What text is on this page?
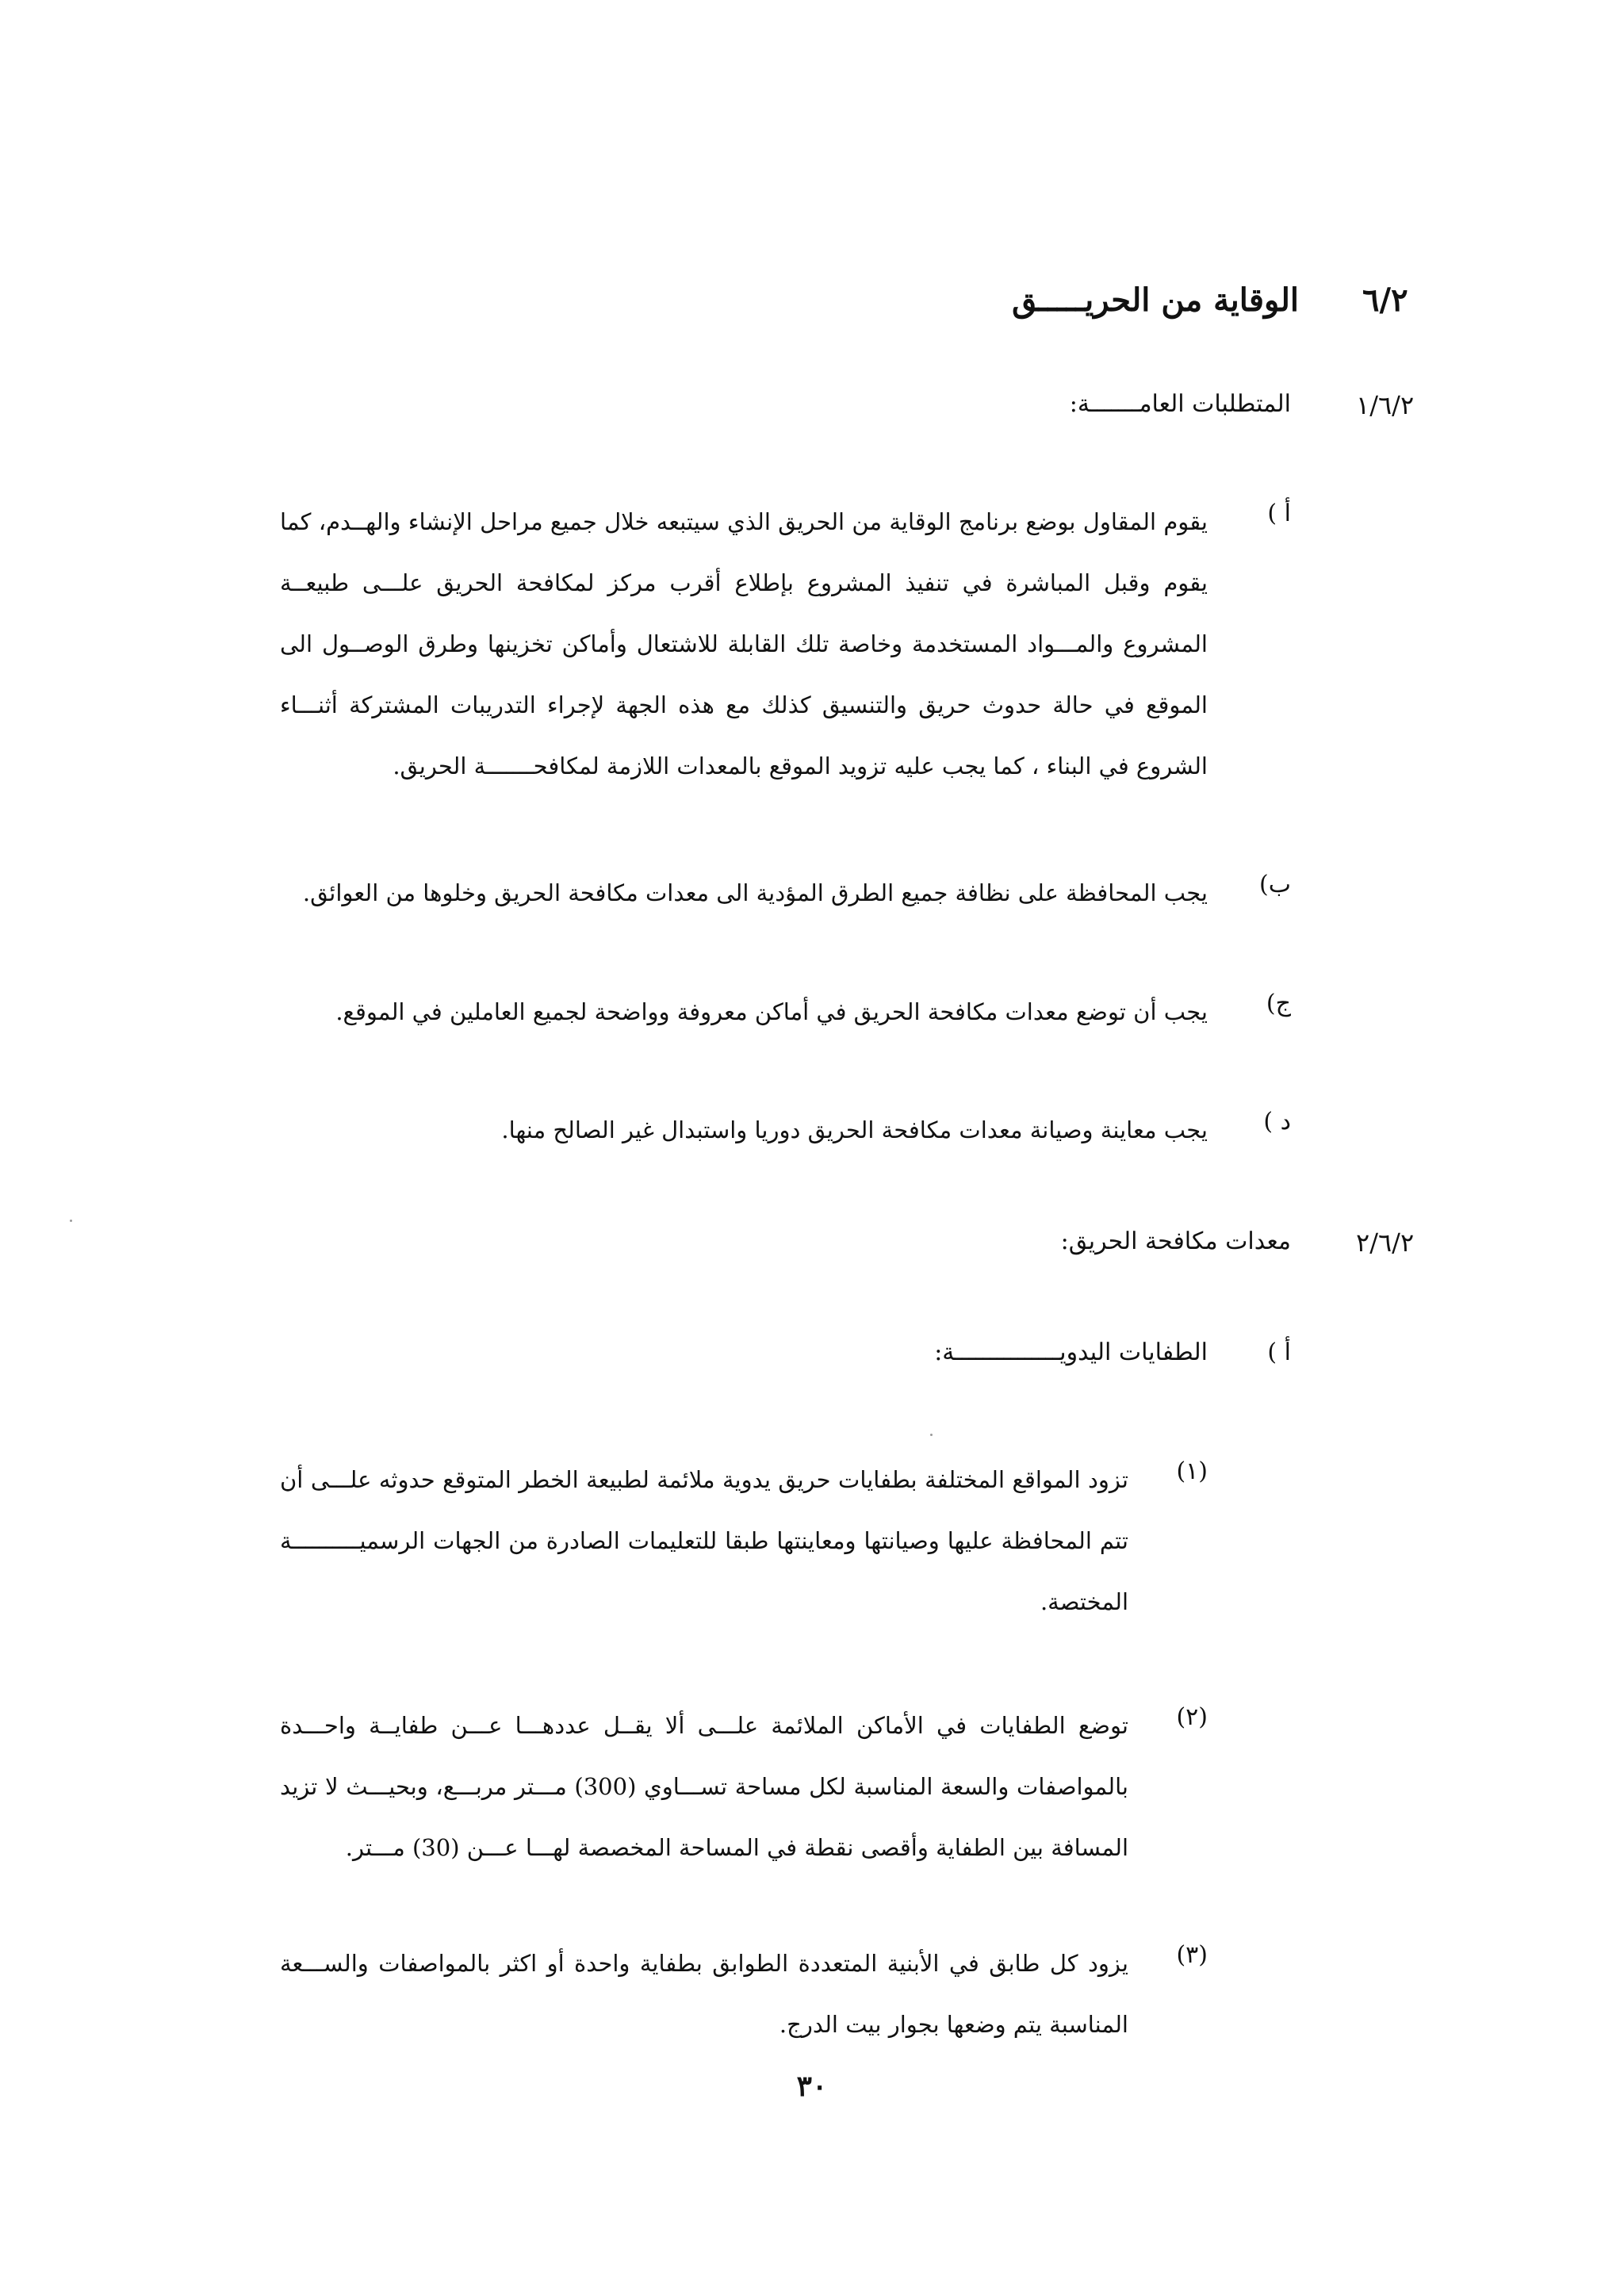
٦/٢
الوقاية من الحريـــــق
١/٦/٢
المتطلبات العامـــــــة:
أ )
يقوم المقاول بوضع برنامج الوقاية من الحريق الذي سيتبعه خلال جميع مراحل الإنشاء والهــدم، كما يقوم وقبل المباشرة في تنفيذ المشروع بإطلاع أقرب مركز لمكافحة الحريق علـــى طبيعــة المشروع والمـــواد المستخدمة وخاصة تلك القابلة للاشتعال وأماكن تخزينها وطرق الوصــول الى الموقع في حالة حدوث حريق والتنسيق كذلك مع هذه الجهة لإجراء التدريبات المشتركة أثنـــاء الشروع في البناء ، كما يجب عليه تزويد الموقع بالمعدات اللازمة لمكافحـــــــة الحريق.
ب)
يجب المحافظة على نظافة جميع الطرق المؤدية الى معدات مكافحة الحريق وخلوها من العوائق.
ج)
يجب أن توضع معدات مكافحة الحريق في أماكن معروفة وواضحة لجميع العاملين في الموقع.
د )
يجب معاينة وصيانة معدات مكافحة الحريق دوريا واستبدال غير الصالح منها.
٢/٦/٢
معدات مكافحة الحريق:
أ )
الطفايات اليدويـــــــــــــــة:
(١)
تزود المواقع المختلفة بطفايات حريق يدوية ملائمة لطبيعة الخطر المتوقع حدوثه علـــى أن تتم المحافظة عليها وصيانتها ومعاينتها طبقا للتعليمات الصادرة من الجهات الرسميــــــــــة المختصة.
(٢)
توضع الطفايات في الأماكن الملائمة علـــى ألا يقــل عددهـــا عـــن طفايــة واحـــدة بالمواصفات والسعة المناسبة لكل مساحة تســـاوي (300) مـــتر مربـــع، وبحيـــث لا تزيد المسافة بين الطفاية وأقصى نقطة في المساحة المخصصة لهـــا عـــن (30) مـــتر.
(٣)
يزود كل طابق في الأبنية المتعددة الطوابق بطفاية واحدة أو اكثر بالمواصفات والســـعة المناسبة يتم وضعها بجوار بيت الدرج.
٣٠
